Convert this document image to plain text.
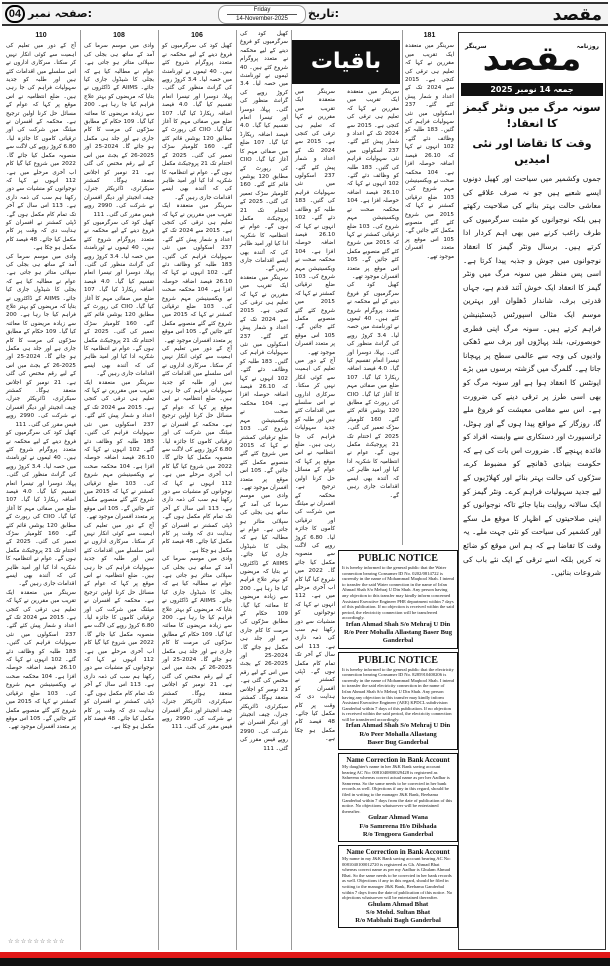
مقصد
تاریخ:
Friday
14-November-2025
صفحہ نمبر:
04
110
آج کے دور میں تعلیم کی اہمیت سے کوئی انکار نہیں کر سکتا۔ سرکاری اداروں نے اس سلسلے میں اقدامات کئے ہیں اور طلبہ کو جدید سہولیات فراہم کی جا رہی ہیں۔ ضلع انتظامیہ نے اس موقع پر کہا کہ عوام کے مسائل حل کرنا اولین ترجیح ہے۔ محکمہ کے افسران نے میٹنگ میں شرکت کی اور ترقیاتی کاموں کا جائزہ لیا۔ 6.80 کروڑ روپے کی لاگت سے منصوبہ مکمل کیا جائے گا۔ 2022 میں شروع کیا گیا کام اب آخری مرحلے میں ہے۔ 112 انہوں نے کہا کہ نوجوانوں کو منشیات سے دور رکھنا ہم سب کی ذمہ داری ہے۔ 113 اس سال کے آخر تک تمام کام مکمل ہوں گے۔ ڈپٹی کمشنر نے افسران کو ہدایت دی کہ وقت پر کام مکمل کیا جائے۔ 48 فیصد کام مکمل ہو چکا ہے۔
وادی میں موسم سرما کی آمد کے ساتھ ہی بجلی کی سپلائی متاثر ہو جاتی ہے۔ عوام نے مطالبہ کیا ہے کہ بجلی کا شیڈول جاری کیا جائے۔ AIIMS کے ڈاکٹروں نے بتایا کہ مریضوں کو بہتر علاج فراہم کیا جا رہا ہے۔ 200 سے زیادہ مریضوں کا معائنہ کیا گیا۔ 109 حکام کے مطابق سڑکوں کی مرمت کا کام جاری ہے اور جلد ہی مکمل ہو جائے گا۔ 2024-25 اور 2025-26 کے بجٹ میں اس کے لیے رقم مختص کی گئی ہے۔ 21 نومبر کو اجلاس منعقد ہوگا۔ کمشنر سیکرٹری، ڈائریکٹر جنرل، چیف انجینئر اور دیگر افسران نے شرکت کی۔ 2990 روپے فیس مقرر کی گئی۔ 111
کھیل کود کی سرگرمیوں کو فروغ دینے کے لیے محکمہ نے متعدد پروگرام شروع کئے ہیں۔ 40 ٹیموں نے ٹورنامنٹ میں حصہ لیا۔ 3.4 کروڑ روپے کی گرانٹ منظور کی گئی۔ پہلا، دوسرا اور تیسرا انعام تقسیم کیا گیا۔ 4.0 فیصد اضافہ ریکارڈ کیا گیا۔ 107 ضلع میں صفائی مہم کا آغاز کیا گیا۔ CIIO کی رپورٹ کے مطابق 120 یونٹس قائم کئے گئے۔ 160 کلومیٹر سڑک تعمیر کی گئی۔ 2025 کے اختتام تک 21 پروجیکٹ مکمل ہوں گے۔ عوام نے انتظامیہ کا شکریہ ادا کیا اور امید ظاہر کی کہ آئندہ بھی ایسے اقدامات جاری رہیں گے۔
سرینگر میں منعقدہ ایک تقریب میں مقررین نے کہا کہ تعلیم ہی ترقی کی کنجی ہے۔ 2015 سے 2024 تک کے اعداد و شمار پیش کئے گئے۔ 237 اسکولوں میں نئی سہولیات فراہم کی گئیں۔ 183 طلبہ کو وظائف دئے گئے۔ 102 انہوں نے کہا کہ 26.10 فیصد اضافہ حوصلہ افزا ہے۔ 104 محکمہ صحت نے ویکسینیشن مہم شروع کی۔ 103 ضلع ترقیاتی کمشنر نے کہا کہ 2015 میں شروع کئے گئے منصوبے مکمل کئے جائیں گے۔ 105 اس موقع پر متعدد افسران موجود تھے۔
☆☆☆☆☆☆☆☆☆
108
وادی میں موسم سرما کی آمد کے ساتھ ہی بجلی کی سپلائی متاثر ہو جاتی ہے۔ عوام نے مطالبہ کیا ہے کہ بجلی کا شیڈول جاری کیا جائے۔ AIIMS کے ڈاکٹروں نے بتایا کہ مریضوں کو بہتر علاج فراہم کیا جا رہا ہے۔ 200 سے زیادہ مریضوں کا معائنہ کیا گیا۔ 109 حکام کے مطابق سڑکوں کی مرمت کا کام جاری ہے اور جلد ہی مکمل ہو جائے گا۔ 2024-25 اور 2025-26 کے بجٹ میں اس کے لیے رقم مختص کی گئی ہے۔ 21 نومبر کو اجلاس منعقد ہوگا۔ کمشنر سیکرٹری، ڈائریکٹر جنرل، چیف انجینئر اور دیگر افسران نے شرکت کی۔ 2990 روپے فیس مقرر کی گئی۔ 111
کھیل کود کی سرگرمیوں کو فروغ دینے کے لیے محکمہ نے متعدد پروگرام شروع کئے ہیں۔ 40 ٹیموں نے ٹورنامنٹ میں حصہ لیا۔ 3.4 کروڑ روپے کی گرانٹ منظور کی گئی۔ پہلا، دوسرا اور تیسرا انعام تقسیم کیا گیا۔ 4.0 فیصد اضافہ ریکارڈ کیا گیا۔ 107 ضلع میں صفائی مہم کا آغاز کیا گیا۔ CIIO کی رپورٹ کے مطابق 120 یونٹس قائم کئے گئے۔ 160 کلومیٹر سڑک تعمیر کی گئی۔ 2025 کے اختتام تک 21 پروجیکٹ مکمل ہوں گے۔ عوام نے انتظامیہ کا شکریہ ادا کیا اور امید ظاہر کی کہ آئندہ بھی ایسے اقدامات جاری رہیں گے۔
سرینگر میں منعقدہ ایک تقریب میں مقررین نے کہا کہ تعلیم ہی ترقی کی کنجی ہے۔ 2015 سے 2024 تک کے اعداد و شمار پیش کئے گئے۔ 237 اسکولوں میں نئی سہولیات فراہم کی گئیں۔ 183 طلبہ کو وظائف دئے گئے۔ 102 انہوں نے کہا کہ 26.10 فیصد اضافہ حوصلہ افزا ہے۔ 104 محکمہ صحت نے ویکسینیشن مہم شروع کی۔ 103 ضلع ترقیاتی کمشنر نے کہا کہ 2015 میں شروع کئے گئے منصوبے مکمل کئے جائیں گے۔ 105 اس موقع پر متعدد افسران موجود تھے۔
آج کے دور میں تعلیم کی اہمیت سے کوئی انکار نہیں کر سکتا۔ سرکاری اداروں نے اس سلسلے میں اقدامات کئے ہیں اور طلبہ کو جدید سہولیات فراہم کی جا رہی ہیں۔ ضلع انتظامیہ نے اس موقع پر کہا کہ عوام کے مسائل حل کرنا اولین ترجیح ہے۔ محکمہ کے افسران نے میٹنگ میں شرکت کی اور ترقیاتی کاموں کا جائزہ لیا۔ 6.80 کروڑ روپے کی لاگت سے منصوبہ مکمل کیا جائے گا۔ 2022 میں شروع کیا گیا کام اب آخری مرحلے میں ہے۔ 112 انہوں نے کہا کہ نوجوانوں کو منشیات سے دور رکھنا ہم سب کی ذمہ داری ہے۔ 113 اس سال کے آخر تک تمام کام مکمل ہوں گے۔ ڈپٹی کمشنر نے افسران کو ہدایت دی کہ وقت پر کام مکمل کیا جائے۔ 48 فیصد کام مکمل ہو چکا ہے۔
106
کھیل کود کی سرگرمیوں کو فروغ دینے کے لیے محکمہ نے متعدد پروگرام شروع کئے ہیں۔ 40 ٹیموں نے ٹورنامنٹ میں حصہ لیا۔ 3.4 کروڑ روپے کی گرانٹ منظور کی گئی۔ پہلا، دوسرا اور تیسرا انعام تقسیم کیا گیا۔ 4.0 فیصد اضافہ ریکارڈ کیا گیا۔ 107 ضلع میں صفائی مہم کا آغاز کیا گیا۔ CIIO کی رپورٹ کے مطابق 120 یونٹس قائم کئے گئے۔ 160 کلومیٹر سڑک تعمیر کی گئی۔ 2025 کے اختتام تک 21 پروجیکٹ مکمل ہوں گے۔ عوام نے انتظامیہ کا شکریہ ادا کیا اور امید ظاہر کی کہ آئندہ بھی ایسے اقدامات جاری رہیں گے۔
سرینگر میں منعقدہ ایک تقریب میں مقررین نے کہا کہ تعلیم ہی ترقی کی کنجی ہے۔ 2015 سے 2024 تک کے اعداد و شمار پیش کئے گئے۔ 237 اسکولوں میں نئی سہولیات فراہم کی گئیں۔ 183 طلبہ کو وظائف دئے گئے۔ 102 انہوں نے کہا کہ 26.10 فیصد اضافہ حوصلہ افزا ہے۔ 104 محکمہ صحت نے ویکسینیشن مہم شروع کی۔ 103 ضلع ترقیاتی کمشنر نے کہا کہ 2015 میں شروع کئے گئے منصوبے مکمل کئے جائیں گے۔ 105 اس موقع پر متعدد افسران موجود تھے۔
آج کے دور میں تعلیم کی اہمیت سے کوئی انکار نہیں کر سکتا۔ سرکاری اداروں نے اس سلسلے میں اقدامات کئے ہیں اور طلبہ کو جدید سہولیات فراہم کی جا رہی ہیں۔ ضلع انتظامیہ نے اس موقع پر کہا کہ عوام کے مسائل حل کرنا اولین ترجیح ہے۔ محکمہ کے افسران نے میٹنگ میں شرکت کی اور ترقیاتی کاموں کا جائزہ لیا۔ 6.80 کروڑ روپے کی لاگت سے منصوبہ مکمل کیا جائے گا۔ 2022 میں شروع کیا گیا کام اب آخری مرحلے میں ہے۔ 112 انہوں نے کہا کہ نوجوانوں کو منشیات سے دور رکھنا ہم سب کی ذمہ داری ہے۔ 113 اس سال کے آخر تک تمام کام مکمل ہوں گے۔ ڈپٹی کمشنر نے افسران کو ہدایت دی کہ وقت پر کام مکمل کیا جائے۔ 48 فیصد کام مکمل ہو چکا ہے۔
وادی میں موسم سرما کی آمد کے ساتھ ہی بجلی کی سپلائی متاثر ہو جاتی ہے۔ عوام نے مطالبہ کیا ہے کہ بجلی کا شیڈول جاری کیا جائے۔ AIIMS کے ڈاکٹروں نے بتایا کہ مریضوں کو بہتر علاج فراہم کیا جا رہا ہے۔ 200 سے زیادہ مریضوں کا معائنہ کیا گیا۔ 109 حکام کے مطابق سڑکوں کی مرمت کا کام جاری ہے اور جلد ہی مکمل ہو جائے گا۔ 2024-25 اور 2025-26 کے بجٹ میں اس کے لیے رقم مختص کی گئی ہے۔ 21 نومبر کو اجلاس منعقد ہوگا۔ کمشنر سیکرٹری، ڈائریکٹر جنرل، چیف انجینئر اور دیگر افسران نے شرکت کی۔ 2990 روپے فیس مقرر کی گئی۔ 111
کھیل کود کی سرگرمیوں کو فروغ دینے کے لیے محکمہ نے متعدد پروگرام شروع کئے ہیں۔ 40 ٹیموں نے ٹورنامنٹ میں حصہ لیا۔ 3.4 کروڑ روپے کی گرانٹ منظور کی گئی۔ پہلا، دوسرا اور تیسرا انعام تقسیم کیا گیا۔ 4.0 فیصد اضافہ ریکارڈ کیا گیا۔ 107 ضلع میں صفائی مہم کا آغاز کیا گیا۔ CIIO کی رپورٹ کے مطابق 120 یونٹس قائم کئے گئے۔ 160 کلومیٹر سڑک تعمیر کی گئی۔ 2025 کے اختتام تک 21 پروجیکٹ مکمل ہوں گے۔ عوام نے انتظامیہ کا شکریہ ادا کیا اور امید ظاہر کی کہ آئندہ بھی ایسے اقدامات جاری رہیں گے۔
سرینگر میں منعقدہ ایک تقریب میں مقررین نے کہا کہ تعلیم ہی ترقی کی کنجی ہے۔ 2015 سے 2024 تک کے اعداد و شمار پیش کئے گئے۔ 237 اسکولوں میں نئی سہولیات فراہم کی گئیں۔ 183 طلبہ کو وظائف دئے گئے۔ 102 انہوں نے کہا کہ 26.10 فیصد اضافہ حوصلہ افزا ہے۔ 104 محکمہ صحت نے ویکسینیشن مہم شروع کی۔ 103 ضلع ترقیاتی کمشنر نے کہا کہ 2015 میں شروع کئے گئے منصوبے مکمل کئے جائیں گے۔ 105 اس موقع پر متعدد افسران موجود تھے۔
وادی میں موسم سرما کی آمد کے ساتھ ہی بجلی کی سپلائی متاثر ہو جاتی ہے۔ عوام نے مطالبہ کیا ہے کہ بجلی کا شیڈول جاری کیا جائے۔ AIIMS کے ڈاکٹروں نے بتایا کہ مریضوں کو بہتر علاج فراہم کیا جا رہا ہے۔ 200 سے زیادہ مریضوں کا معائنہ کیا گیا۔ 109 حکام کے مطابق سڑکوں کی مرمت کا کام جاری ہے اور جلد ہی مکمل ہو جائے گا۔ 2024-25 اور 2025-26 کے بجٹ میں اس کے لیے رقم مختص کی گئی ہے۔ 21 نومبر کو اجلاس منعقد ہوگا۔ کمشنر سیکرٹری، ڈائریکٹر جنرل، چیف انجینئر اور دیگر افسران نے شرکت کی۔ 2990 روپے فیس مقرر کی گئی۔ 111
باقیات
سرینگر میں منعقدہ ایک تقریب میں مقررین نے کہا کہ تعلیم ہی ترقی کی کنجی ہے۔ 2015 سے 2024 تک کے اعداد و شمار پیش کئے گئے۔ 237 اسکولوں میں نئی سہولیات فراہم کی گئیں۔ 183 طلبہ کو وظائف دئے گئے۔ 102 انہوں نے کہا کہ 26.10 فیصد اضافہ حوصلہ افزا ہے۔ 104 محکمہ صحت نے ویکسینیشن مہم شروع کی۔ 103 ضلع ترقیاتی کمشنر نے کہا کہ 2015 میں شروع کئے گئے منصوبے مکمل کئے جائیں گے۔ 105 اس موقع پر متعدد افسران موجود تھے۔
آج کے دور میں تعلیم کی اہمیت سے کوئی انکار نہیں کر سکتا۔ سرکاری اداروں نے اس سلسلے میں اقدامات کئے ہیں اور طلبہ کو جدید سہولیات فراہم کی جا رہی ہیں۔ ضلع انتظامیہ نے اس موقع پر کہا کہ عوام کے مسائل حل کرنا اولین ترجیح ہے۔ محکمہ کے افسران نے میٹنگ میں شرکت کی اور ترقیاتی کاموں کا جائزہ لیا۔ 6.80 کروڑ روپے کی لاگت سے منصوبہ مکمل کیا جائے گا۔ 2022 میں شروع کیا گیا کام اب آخری مرحلے میں ہے۔ 112 انہوں نے کہا کہ نوجوانوں کو منشیات سے دور رکھنا ہم سب کی ذمہ داری ہے۔ 113 اس سال کے آخر تک تمام کام مکمل ہوں گے۔ ڈپٹی کمشنر نے افسران کو ہدایت دی کہ وقت پر کام مکمل کیا جائے۔ 48 فیصد کام مکمل ہو چکا ہے۔
سرینگر میں منعقدہ ایک تقریب میں مقررین نے کہا کہ تعلیم ہی ترقی کی کنجی ہے۔ 2015 سے 2024 تک کے اعداد و شمار پیش کئے گئے۔ 237 اسکولوں میں نئی سہولیات فراہم کی گئیں۔ 183 طلبہ کو وظائف دئے گئے۔ 102 انہوں نے کہا کہ 26.10 فیصد اضافہ حوصلہ افزا ہے۔ 104 محکمہ صحت نے ویکسینیشن مہم شروع کی۔ 103 ضلع ترقیاتی کمشنر نے کہا کہ 2015 میں شروع کئے گئے منصوبے مکمل کئے جائیں گے۔ 105 اس موقع پر متعدد افسران موجود تھے۔
کھیل کود کی سرگرمیوں کو فروغ دینے کے لیے محکمہ نے متعدد پروگرام شروع کئے ہیں۔ 40 ٹیموں نے ٹورنامنٹ میں حصہ لیا۔ 3.4 کروڑ روپے کی گرانٹ منظور کی گئی۔ پہلا، دوسرا اور تیسرا انعام تقسیم کیا گیا۔ 4.0 فیصد اضافہ ریکارڈ کیا گیا۔ 107 ضلع میں صفائی مہم کا آغاز کیا گیا۔ CIIO کی رپورٹ کے مطابق 120 یونٹس قائم کئے گئے۔ 160 کلومیٹر سڑک تعمیر کی گئی۔ 2025 کے اختتام تک 21 پروجیکٹ مکمل ہوں گے۔ عوام نے انتظامیہ کا شکریہ ادا کیا اور امید ظاہر کی کہ آئندہ بھی ایسے اقدامات جاری رہیں گے۔
181
سرینگر میں منعقدہ ایک تقریب میں مقررین نے کہا کہ تعلیم ہی ترقی کی کنجی ہے۔ 2015 سے 2024 تک کے اعداد و شمار پیش کئے گئے۔ 237 اسکولوں میں نئی سہولیات فراہم کی گئیں۔ 183 طلبہ کو وظائف دئے گئے۔ 102 انہوں نے کہا کہ 26.10 فیصد اضافہ حوصلہ افزا ہے۔ 104 محکمہ صحت نے ویکسینیشن مہم شروع کی۔ 103 ضلع ترقیاتی کمشنر نے کہا کہ 2015 میں شروع کئے گئے منصوبے مکمل کئے جائیں گے۔ 105 اس موقع پر متعدد افسران موجود تھے۔
PUBLIC NOTICE

It is hereby informed to the general public that the Water connection bearing Consumer ID No. 0202/0814722 is currently in the name of Mohammad Maqbool Shah. I intend to transfer the said Water connection in the name of Irfan Ahmad Shah S/o Mehraj U Din Shah. Any person having any objection to this transfer may kindly inform concerned Assistant Executive Engineer PHE department within 7 days of this publication. If no objection is received within the said period, the electricity connection will be transferred accordingly.

Irfan Ahmad Shah S/o Mehraj U Din
R/o Peer Mohalla Allastang Baser Bug Ganderbal
PUBLIC NOTICE

It is hereby informed to the general public that the electricity connection bearing Consumer ID No. 8285910400206 is currently in the name of Mohammad Maqbool Shah. I intend to transfer the said electricity connection in the name of Irfan Ahmad Shah S/o Mehraj U Din Shah. Any person having any objection to this transfer may kindly inform Assistant Executive Engineer (AEE) KPDCL subdivision Ganderbal within 7 days of this publication. If no objection is received within the said period, the electricity connection will be transferred accordingly.

Irfan Ahmad Shah S/o Mehraj U Din
R/o Peer Mohalla Allastang
Baser Bug Ganderbal
Name Correction in Bank Account

My daughter's name in her J&K Bank saving account bearing AC No: 0081040800029428 is registered as Sahreena whereas correct actual name as per her Aadhar is Samreena. So the same needs to be corrected in her bank records as well. Objections if any in this regard, should be filed in writing to the manager J&K Bank, Beehama Ganderbal within 7 days from the date of publication of this notice. No objections whatsoever will be entertained thereafter.

Gulzar Ahmad Wana
F/o Samreena H/o Dilshada
R/o Tengpora Ganderbal
Name Correction in Bank Account

My name in my J&K Bank saving account bearing AC No: 0081040100012720 is registered as Gh. Ahmad Bhat whereas correct name as per my Aadhar is Ghulam Ahmad Bhat. So the same needs to be corrected in her bank records as well. Objections if any in this regard, should be filed in writing to the manager J&K Bank, Beehama Ganderbal within 7 days from the date of publication of this notice. No objections whatsoever will be entertained thereafter.

Ghulam Ahmad Bhat
S/o Mohd. Sultan Bhat
R/o Mabhahi Bagh Ganderbal
روزنامہ
سرینگر
مقصد
جمعہ 14 نومبر 2025
سونہ مرگ میں ونٹر گیمز کا انعقاد!
وقت کا تقاضا اور نئی امیدیں

جموں وکشمیر میں سیاحت اور کھیل دونوں ایسے شعبے ہیں جو نہ صرف علاقے کی معاشی حالت بہتر بنانے کی صلاحیت رکھتے ہیں بلکہ نوجوانوں کو مثبت سرگرمیوں کی طرف راغب کرنے میں بھی اہم کردار ادا کرتے ہیں۔ برسال ونٹر گیمز کا انعقاد نوجوانوں میں جوش و جذبہ پیدا کرتا ہے۔ اسی پس منظر میں سونہ مرگ میں ونٹر گیمز کا انعقاد ایک خوش آئند قدم ہے، جہاں قدرتی برف، شاندار ڈھلوان اور بہترین موسم ایک مثالی اسپورٹس ڈیسٹینیشن فراہم کرتے ہیں۔ سونہ مرگ اپنی فطری خوبصورتی، بلند پہاڑوں اور برف سے ڈھکی وادیوں کی وجہ سے عالمی سطح پر پہچانا جاتا ہے۔ گلمرگ میں گزشتہ برسوں میں بڑے ایونٹس کا انعقاد ہوا ہے اور سونہ مرگ کو بھی اسی طرز پر ترقی دینے کی ضرورت ہے۔ اس سے مقامی معیشت کو فروغ ملے گا، روزگار کے مواقع پیدا ہوں گے اور ہوٹل، ٹرانسپورٹ اور دستکاری سے وابستہ افراد کو فائدہ پہنچے گا۔ ضرورت اس بات کی ہے کہ حکومت بنیادی ڈھانچے کو مضبوط کرے، سڑکوں کی حالت بہتر بنائے اور کھلاڑیوں کے لیے جدید سہولیات فراہم کرے۔ ونٹر گیمز کو ایک سالانہ روایت بنایا جائے تاکہ نوجوانوں کو اپنی صلاحیتوں کے اظہار کا موقع مل سکے اور کشمیر کی سیاحت کو نئی جہت ملے۔ یہ وقت کا تقاضا ہے کہ ہم اس موقع کو ضائع نہ کریں بلکہ اسے ترقی کے ایک نئے باب کی شروعات بنائیں۔
